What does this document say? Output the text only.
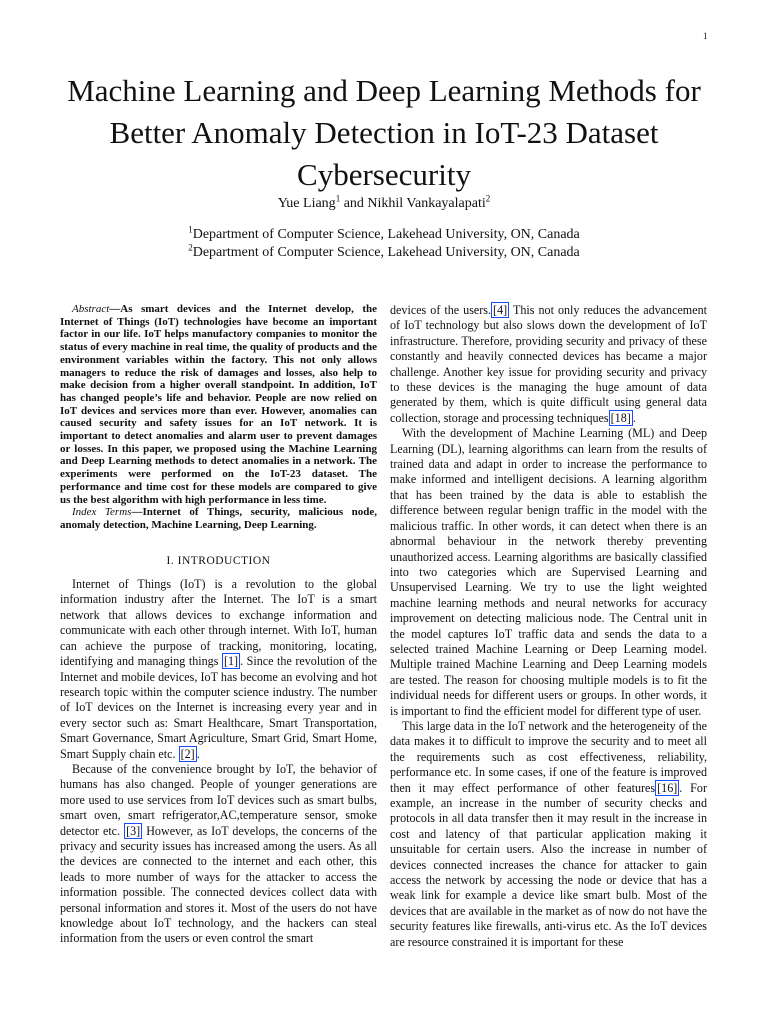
1
Machine Learning and Deep Learning Methods for Better Anomaly Detection in IoT-23 Dataset Cybersecurity
Yue Liang$^1$ and Nikhil Vankayalapati$^2$
$^1$Department of Computer Science, Lakehead University, ON, Canada
$^2$Department of Computer Science, Lakehead University, ON, Canada

Abstract—As smart devices and the Internet develop, the Internet of Things (IoT) technologies have become an important factor in our life. IoT helps manufactory companies to monitor the status of every machine in real time, the quality of products and the environment variables within the factory. This not only allows managers to reduce the risk of damages and losses, also help to make decision from a higher overall standpoint. In addition, IoT has changed people’s life and behavior. People are now relied on IoT devices and services more than ever. However, anomalies can caused security and safety issues for an IoT network. It is important to detect anomalies and alarm user to prevent damages or losses. In this paper, we proposed using the Machine Learning and Deep Learning methods to detect anomalies in a network. The experiments were performed on the IoT-23 dataset. The performance and time cost for these models are compared to give us the best algorithm with high performance in less time.

Index Terms—Internet of Things, security, malicious node, anomaly detection, Machine Learning, Deep Learning.

I. INTRODUCTION

Internet of Things (IoT) is a revolution to the global information industry after the Internet. The IoT is a smart network that allows devices to exchange information and communicate with each other through internet. With IoT, human can achieve the purpose of tracking, monitoring, locating, identifying and managing things [1] . Since the revolution of the Internet and mobile devices, IoT has become an evolving and hot research topic within the computer science industry. The number of IoT devices on the Internet is increasing every year and in every sector such as: Smart Healthcare, Smart Transportation, Smart Governance, Smart Agriculture, Smart Grid, Smart Home, Smart Supply chain etc. [2] .

Because of the convenience brought by IoT, the behavior of humans has also changed. People of younger generations are more used to use services from IoT devices such as smart bulbs, smart oven, smart refrigerator,AC,temperature sensor, smoke detector etc. [3] However, as IoT develops, the concerns of the privacy and security issues has increased among the users. As all the devices are connected to the internet and each other, this leads to more number of ways for the attacker to access the information possible. The connected devices collect data with personal information and stores it. Most of the users do not have knowledge about IoT technology, and the hackers can steal information from the users or even control the smart

devices of the users. [4] This not only reduces the advancement of IoT technology but also slows down the development of IoT infrastructure. Therefore, providing security and privacy of these constantly and heavily connected devices has became a major challenge. Another key issue for providing security and privacy to these devices is the managing the huge amount of data generated by them, which is quite difficult using general data collection, storage and processing techniques [18] .

With the development of Machine Learning (ML) and Deep Learning (DL), learning algorithms can learn from the results of trained data and adapt in order to increase the performance to make informed and intelligent decisions. A learning algorithm that has been trained by the data is able to establish the difference between regular benign traffic in the model with the malicious traffic. In other words, it can detect when there is an abnormal behaviour in the network thereby preventing unauthorized access. Learning algorithms are basically classified into two categories which are Supervised Learning and Unsupervised Learning. We try to use the light weighted machine learning methods and neural networks for accuracy improvement on detecting malicious node. The Central unit in the model captures IoT traffic data and sends the data to a selected trained Machine Learning or Deep Learning model. Multiple trained Machine Learning and Deep Learning models are tested. The reason for choosing multiple models is to fit the individual needs for different users or groups. In other words, it is important to find the efficient model for different type of user.

This large data in the IoT network and the heterogeneity of the data makes it to difficult to improve the security and to meet all the requirements such as cost effectiveness, reliability, performance etc. In some cases, if one of the feature is improved then it may effect performance of other features [16] . For example, an increase in the number of security checks and protocols in all data transfer then it may result in the increase in cost and latency of that particular application making it unsuitable for certain users. Also the increase in number of devices connected increases the chance for attacker to gain access the network by accessing the node or device that has a weak link for example a device like smart bulb. Most of the devices that are available in the market as of now do not have the security features like firewalls, anti-virus etc. As the IoT devices are resource constrained it is important for these
